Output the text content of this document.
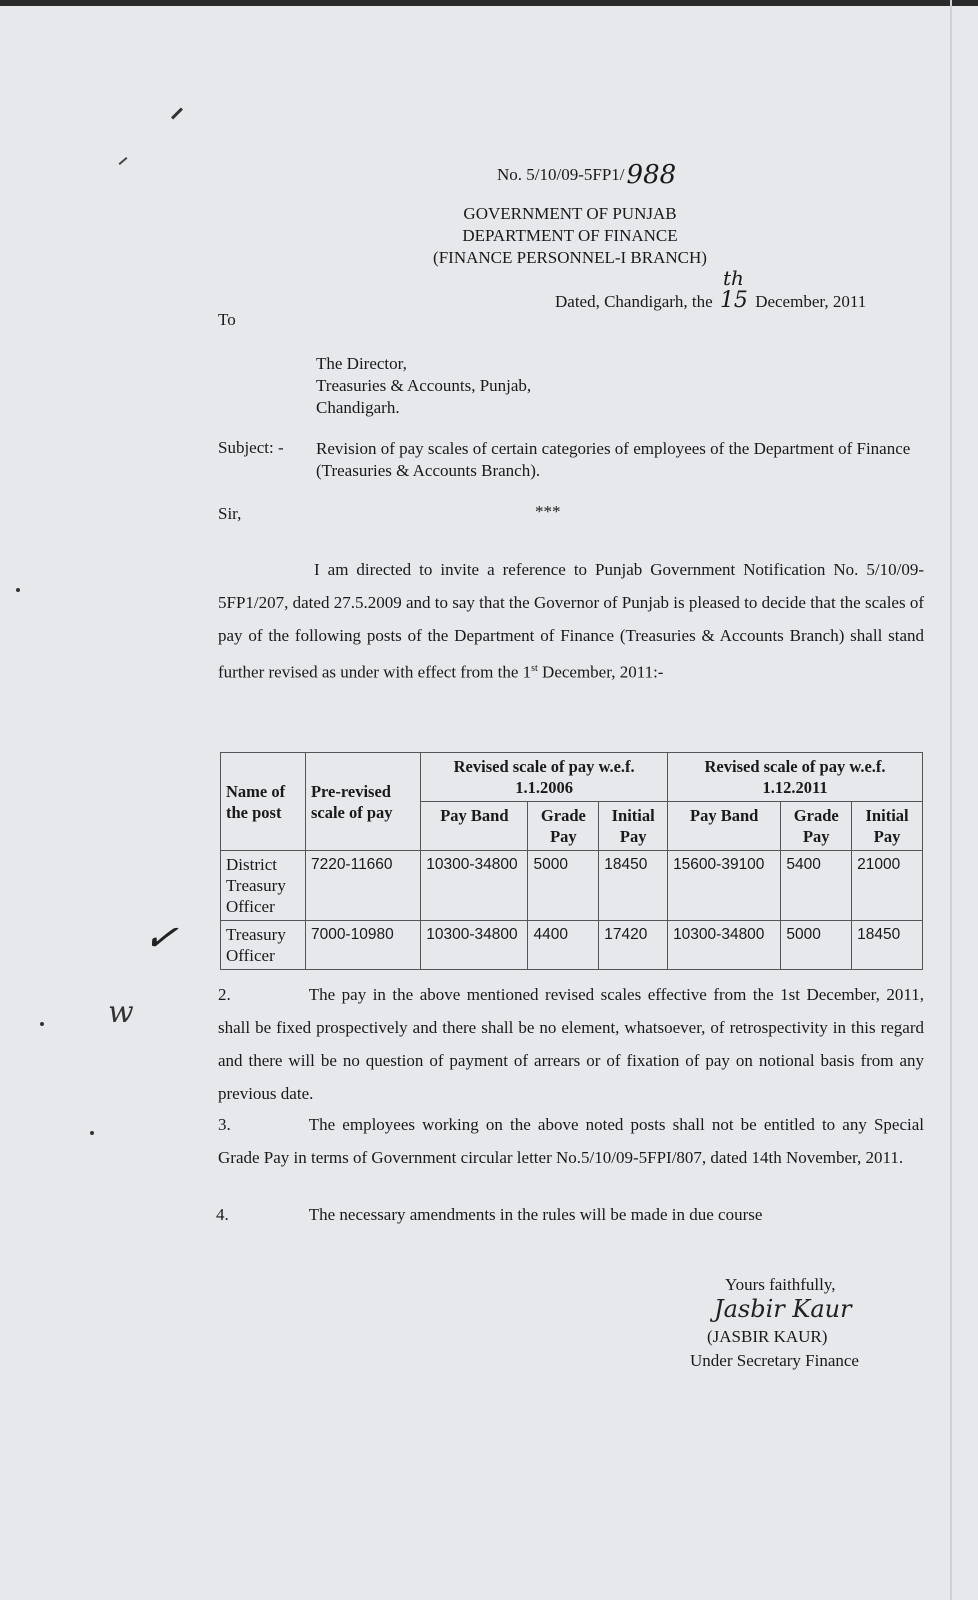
No. 5/10/09-5FP1/988
GOVERNMENT OF PUNJAB
DEPARTMENT OF FINANCE
(FINANCE PERSONNEL-I BRANCH)
Dated, Chandigarh, the
th
15 December, 2011
To
The Director,
Treasuries & Accounts, Punjab,
Chandigarh.
Subject: - Revision of pay scales of certain categories of employees of the Department of Finance (Treasuries & Accounts Branch).
Sir,	***
I am directed to invite a reference to Punjab Government Notification No. 5/10/09-5FP1/207, dated 27.5.2009 and to say that the Governor of Punjab is pleased to decide that the scales of pay of the following posts of the Department of Finance (Treasuries & Accounts Branch) shall stand further revised as under with effect from the 1st December, 2011:-
Name of the post	Pre-revised scale of pay	Revised scale of pay w.e.f. 1.1.2006			Revised scale of pay w.e.f. 1.12.2011		
		Pay Band	Grade Pay	Initial Pay	Pay Band	Grade Pay	Initial Pay
District Treasury Officer	7220-11660	10300-34800	5000	18450	15600-39100	5400	21000
Treasury Officer	7000-10980	10300-34800	4400	17420	10300-34800	5000	18450
✓
w
2.	The pay in the above mentioned revised scales effective from the 1st December, 2011, shall be fixed prospectively and there shall be no element, whatsoever, of retrospectivity in this regard and there will be no question of payment of arrears or of fixation of pay on notional basis from any previous date.
3.	The employees working on the above noted posts shall not be entitled to any Special Grade Pay in terms of Government circular letter No.5/10/09-5FPI/807, dated 14th November, 2011.
4.	The necessary amendments in the rules will be made in due course
Yours faithfully,
Jasbir Kaur
(JASBIR KAUR)
Under Secretary Finance
